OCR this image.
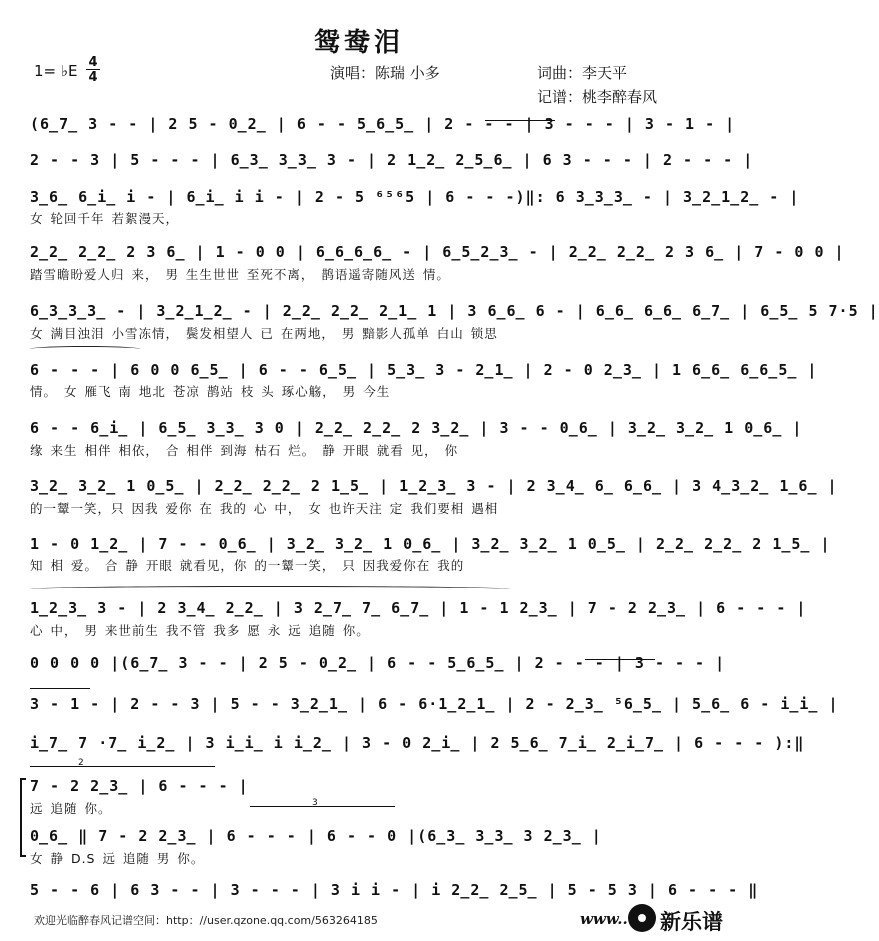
鸳鸯泪
1= ♭E 4
4	演唱：陈瑞 小多	词曲：李天平
记谱：桃李醉春风
(6̲7̲ 3 - - | 2 5 - 0̲2̲ | 6 - - 5̲6̲5̲ | 2 - - - | 3 - - - | 3 - 1 - |
2 - - 3 | 5 - - - | 6̲3̲ 3̲3̲ 3 - | 2 1̲2̲ 2̲5̲6̲ | 6 3 - - - | 2 - - - |
3̲6̲ 6̲i̲ i - | 6̲i̲ i i - | 2 - 5 ⁶⁵⁶5 | 6 - - -)‖: 6 3̲3̲3̲ - | 3̲2̲1̲2̲ - |
女 轮回千年 若絮漫天，
2̲2̲ 2̲2̲ 2 3 6̲ | 1 - 0 0 | 6̲6̲6̲6̲ - | 6̲5̲2̲3̲ - | 2̲2̲ 2̲2̲ 2 3 6̲ | 7 - 0 0 |
踏雪瞻盼爱人归 来， 男 生生世世 至死不离， 鹊语遥寄随风送 情。
6̲3̲3̲3̲ - | 3̲2̲1̲2̲ - | 2̲2̲ 2̲2̲ 2̲1̲ 1 | 3 6̲6̲ 6 - | 6̲6̲ 6̲6̲ 6̲7̲ | 6̲5̲ 5 7·5 |
女 满目浊泪 小雪冻情， 鬓发相望人 已 在两地， 男 黯影人孤单 白山 锁思
6 - - - | 6 0 0 6̲5̲ | 6 - - 6̲5̲ | 5̲3̲ 3 - 2̲1̲ | 2 - 0 2̲3̲ | 1 6̲6̲ 6̲6̲5̲ |
情。 女 雁飞 南 地北 苍凉 鹊站 枝 头 琢心觞， 男 今生
6 - - 6̲i̲ | 6̲5̲ 3̲3̲ 3 0 | 2̲2̲ 2̲2̲ 2 3̲2̲ | 3 - - 0̲6̲ | 3̲2̲ 3̲2̲ 1 0̲6̲ |
缘 来生 相伴 相依， 合 相伴 到海 枯石 烂。 静 开眼 就看 见， 你
3̲2̲ 3̲2̲ 1 0̲5̲ | 2̲2̲ 2̲2̲ 2 1̲5̲ | 1̲2̲3̲ 3 - | 2 3̲4̲ 6̲ 6̲6̲ | 3 4̲3̲2̲ 1̲6̲ |
的一颦一笑，只 因我 爱你 在 我的 心 中， 女 也许天注 定 我们要相 遇相
1 - 0 1̲2̲ | 7 - - 0̲6̲ | 3̲2̲ 3̲2̲ 1 0̲6̲ | 3̲2̲ 3̲2̲ 1 0̲5̲ | 2̲2̲ 2̲2̲ 2 1̲5̲ |
知 相 爱。 合 静 开眼 就看见，你 的一颦一笑， 只 因我爱你在 我的
1̲2̲3̲ 3 - | 2 3̲4̲ 2̲2̲ | 3 2̲7̲ 7̲ 6̲7̲ | 1 - 1 2̲3̲ | 7 - 2 2̲3̲ | 6 - - - |
心 中， 男 来世前生 我不管 我多 愿 永 远 追随 你。
0 0 0 0 |(6̲7̲ 3 - - | 2 5 - 0̲2̲ | 6 - - 5̲6̲5̲ | 2 - - - | 3 - - - |
3 - 1 - | 2 - - 3 | 5 - - 3̲2̲1̲ | 6 - 6·1̲2̲1̲ | 2 - 2̲3̲ ⁵6̲5̲ | 5̲6̲ 6 - i̲i̲ |
i̲7̲ 7 ·7̲ i̲2̲ | 3 i̲i̲ i i̲2̲ | 3 - 0 2̲i̲ | 2 5̲6̲ 7̲i̲ 2̲i̲7̲ | 6 - - - ):‖
2
7 - 2 2̲3̲ | 6 - - - |
远 追随 你。	3
0̲6̲ ‖ 7 - 2 2̲3̲ | 6 - - - | 6 - - 0 |(6̲3̲ 3̲3̲ 3 2̲3̲ |
女 静 D.S 远 追随 男 你。
5 - - 6 | 6 3 - - | 3 - - - | 3 i i - | i 2̲2̲ 2̲5̲ | 5 - 5 3 | 6 - - - ‖
欢迎光临醉春风记谱空间：http：//user.qzone.qq.com/563264185	www.. 新乐谱
